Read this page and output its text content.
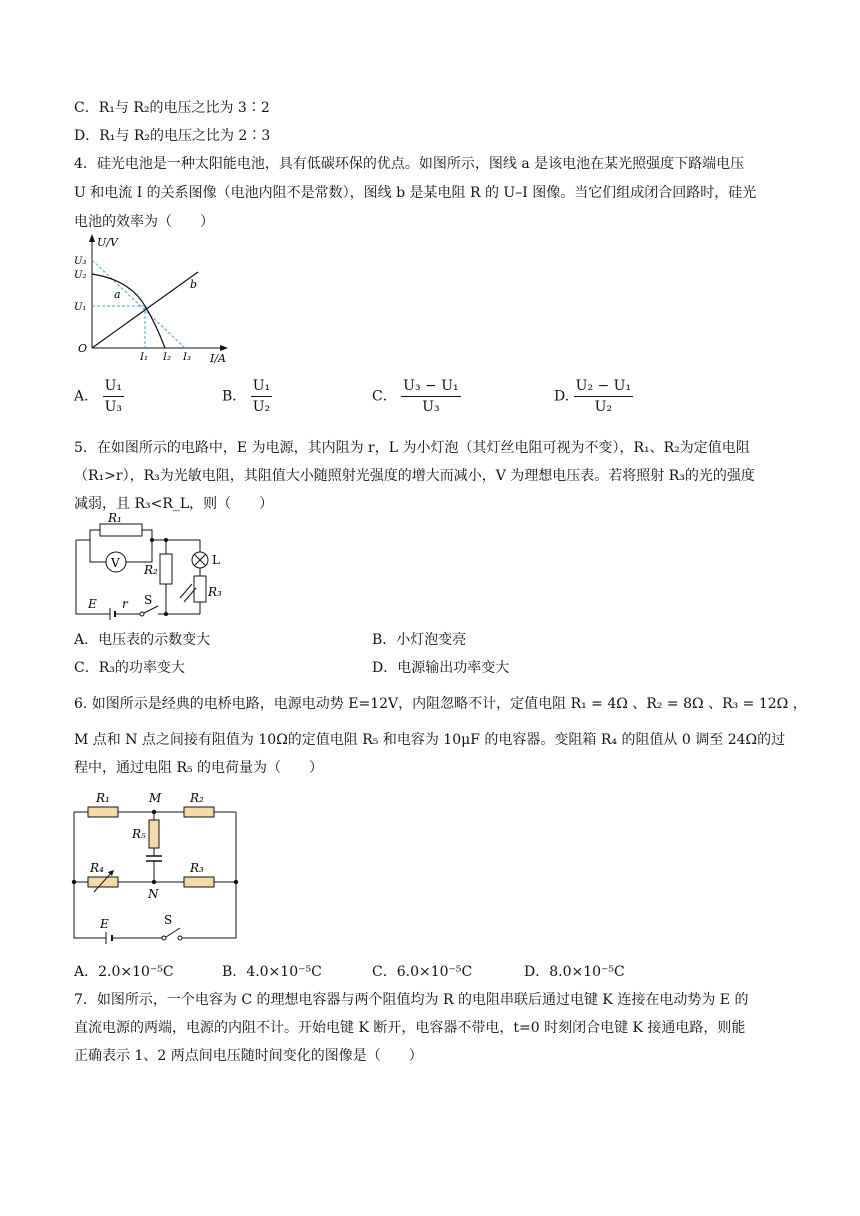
C．R₁与 R₂的电压之比为 3∶2
D．R₁与 R₂的电压之比为 2∶3
4．硅光电池是一种太阳能电池，具有低碳环保的优点。如图所示，图线 a 是该电池在某光照强度下路端电压
U 和电流 I 的关系图像（电池内阻不是常数），图线 b 是某电阻 R 的 U–I 图像。当它们组成闭合回路时，硅光
电池的效率为（　　）
U/V
I/A
O
U₃
U₂
U₁
I₁ I₂ I₃
a
b
A． $\frac{\text{U₁}}{\text{U₃}}$	B． $\frac{\text{U₁}}{\text{U₂}}$	C． $\frac{\text{U₃ − U₁}}{\text{U₃}}$	D. $\frac{\text{U₂ − U₁}}{\text{U₂}}$
5．在如图所示的电路中，E 为电源，其内阻为 r，L 为小灯泡（其灯丝电阻可视为不变），R₁、R₂为定值电阻
（R₁>r），R₃为光敏电阻，其阻值大小随照射光强度的增大而减小，V 为理想电压表。若将照射 R₃的光的强度
减弱，且 R₃<R_L，则（　　）
V
R₁
R₂
L
R₃
E r S
A．电压表的示数变大	B．小灯泡变亮
C．R₃的功率变大	D．电源输出功率变大
6. 如图所示是经典的电桥电路，电源电动势 E=12V，内阻忽略不计，定值电阻 R₁ = 4Ω 、R₂ = 8Ω 、R₃ = 12Ω ，
M 点和 N 点之间接有阻值为 10Ω的定值电阻 R₅ 和电容为 10μF 的电容器。变阻箱 R₄ 的阻值从 0 调至 24Ω的过
程中，通过电阻 R₅ 的电荷量为（　　）
R₁	M R₂
R₅
R₄
N
R₃
E	S
A．2.0×10⁻⁵C	B．4.0×10⁻⁵C	C．6.0×10⁻⁵C	D．8.0×10⁻⁵C
7．如图所示，一个电容为 C 的理想电容器与两个阻值均为 R 的电阻串联后通过电键 K 连接在电动势为 E 的
直流电源的两端，电源的内阻不计。开始电键 K 断开，电容器不带电，t=0 时刻闭合电键 K 接通电路，则能
正确表示 1、2 两点间电压随时间变化的图像是（　　）
